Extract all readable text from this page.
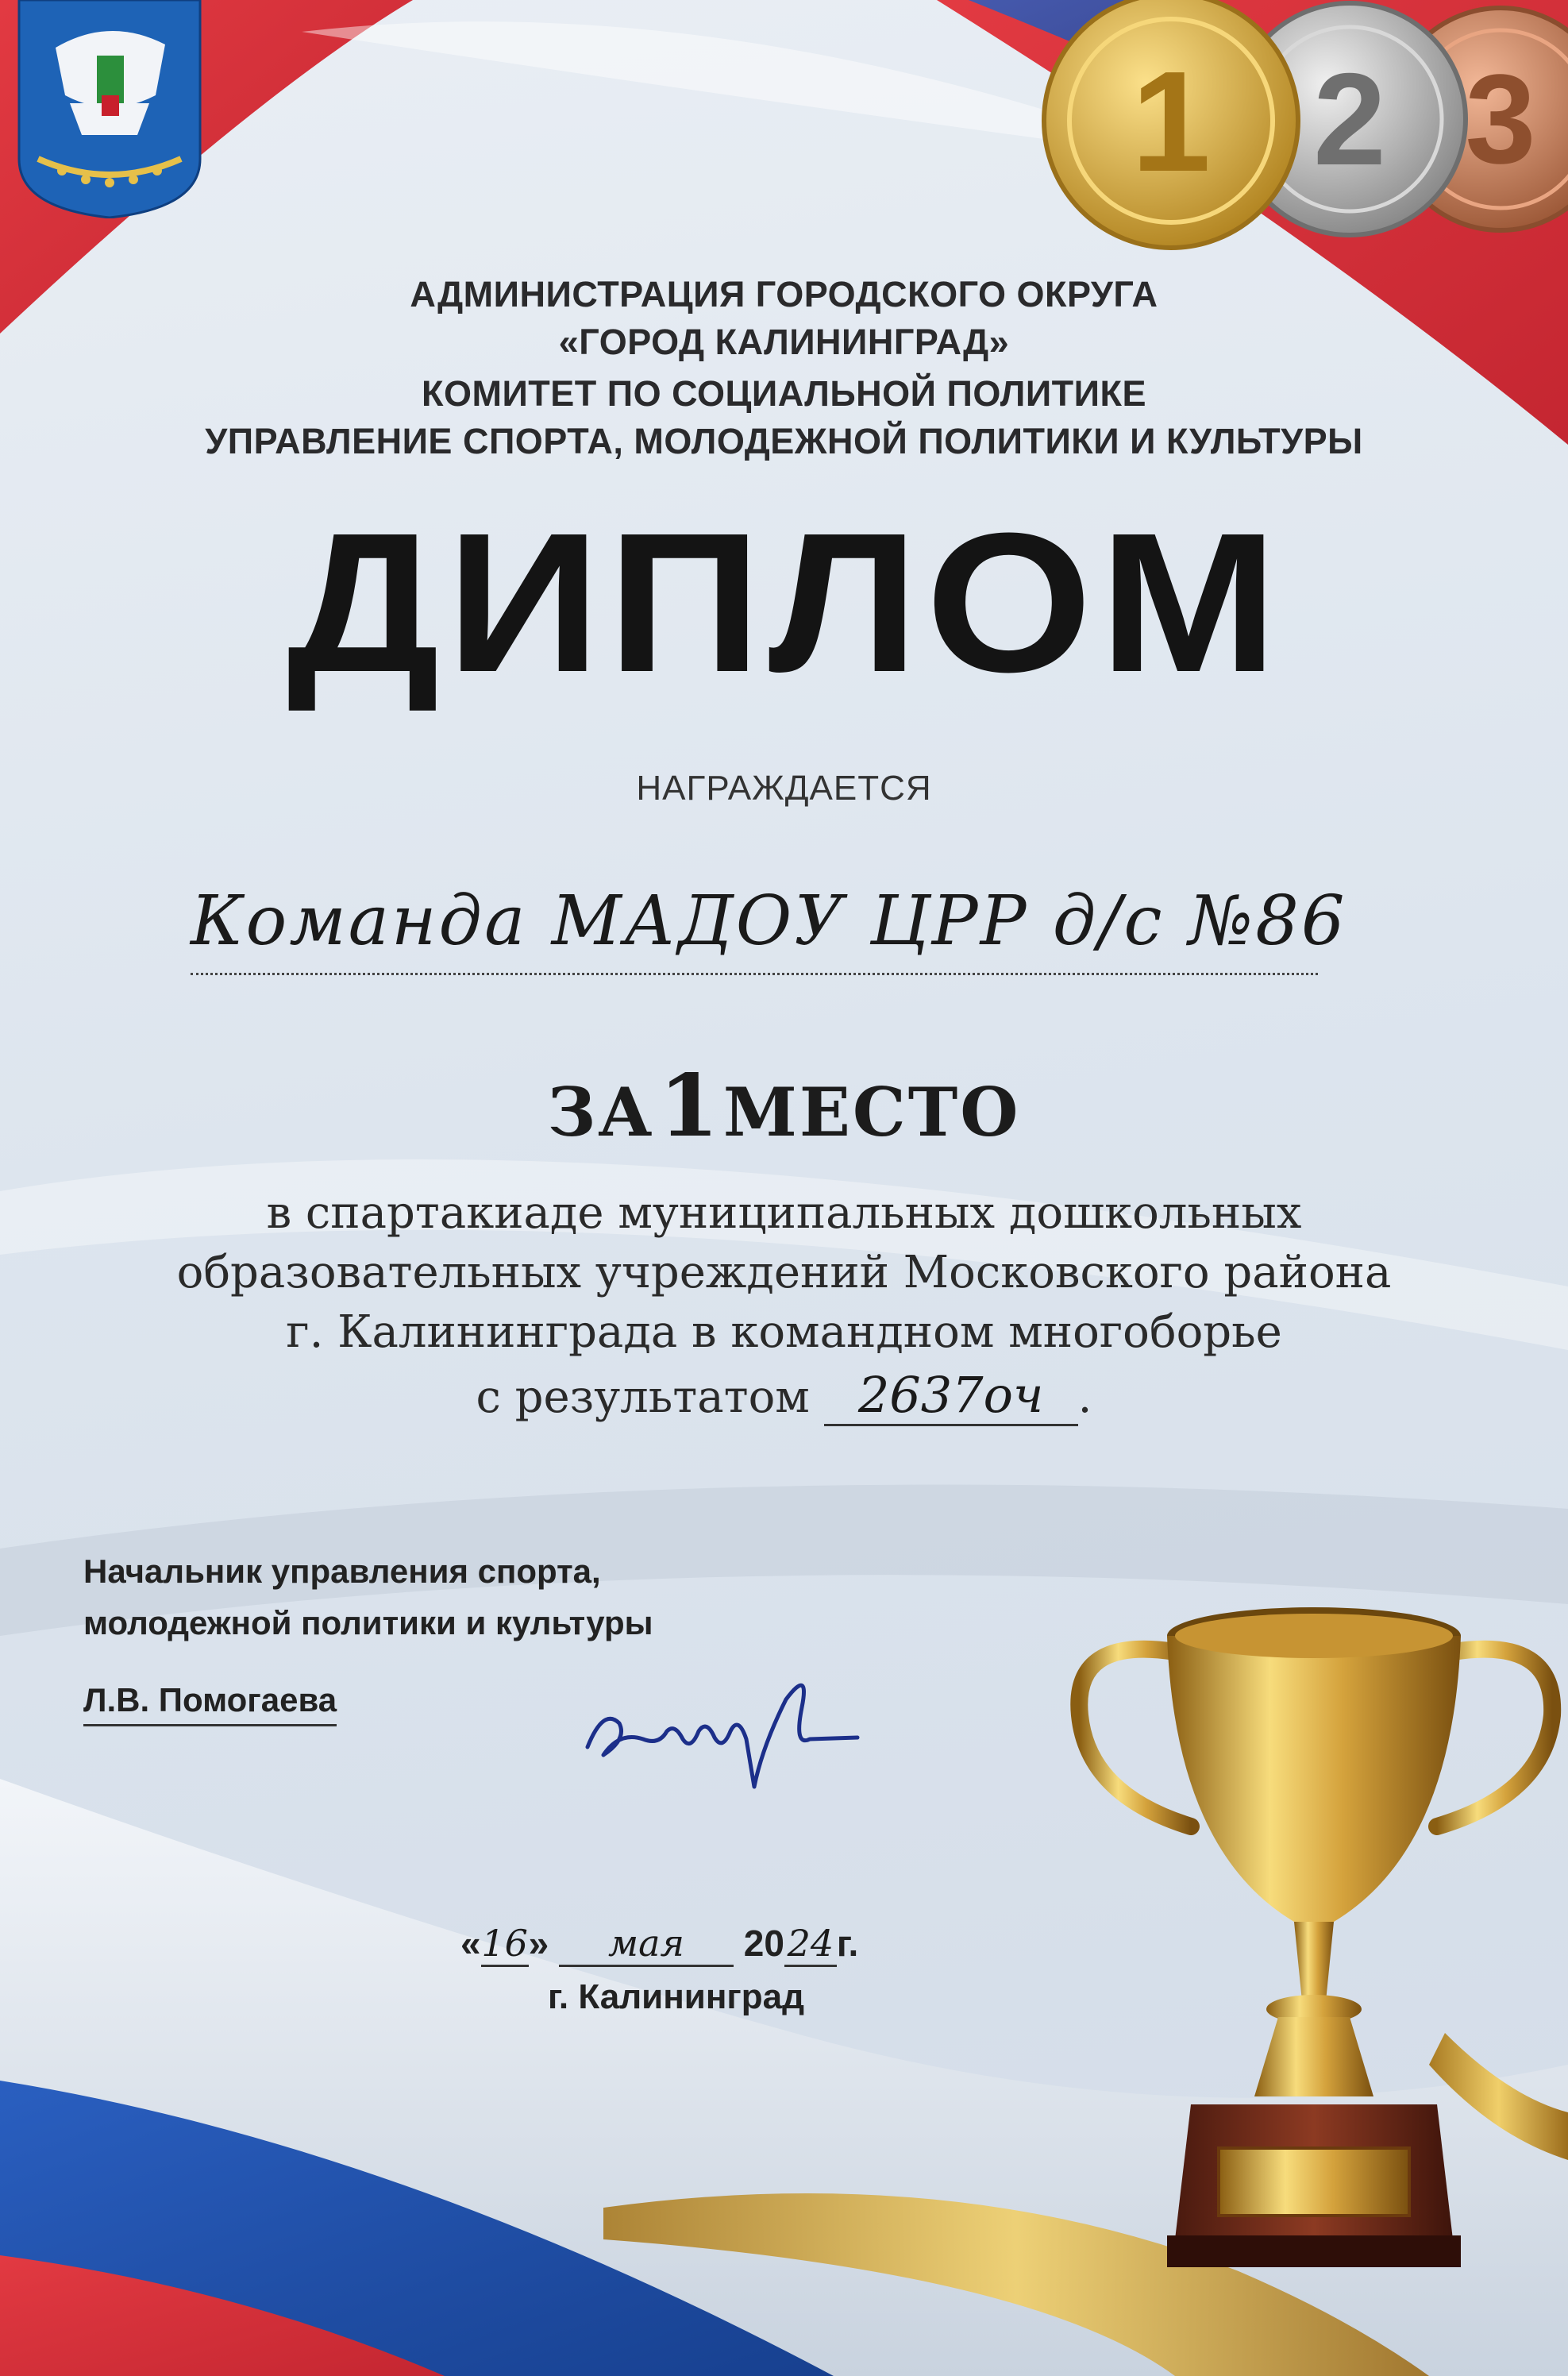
3
2
1
АДМИНИСТРАЦИЯ ГОРОДСКОГО ОКРУГА
«ГОРОД КАЛИНИНГРАД»
КОМИТЕТ ПО СОЦИАЛЬНОЙ ПОЛИТИКЕ
УПРАВЛЕНИЕ СПОРТА, МОЛОДЕЖНОЙ ПОЛИТИКИ И КУЛЬТУРЫ
ДИПЛОМ
НАГРАЖДАЕТСЯ
Команда МАДОУ ЦРР д/с №86
ЗА 1 МЕСТО
в спартакиаде муниципальных дошкольных
образовательных учреждений Московского района
г. Калининграда в командном многоборье
с результатом 2637оч .
Начальник управления спорта,
молодежной политики и культуры
Л.В. Помогаева
«16» мая 2024г.
г. Калининград
